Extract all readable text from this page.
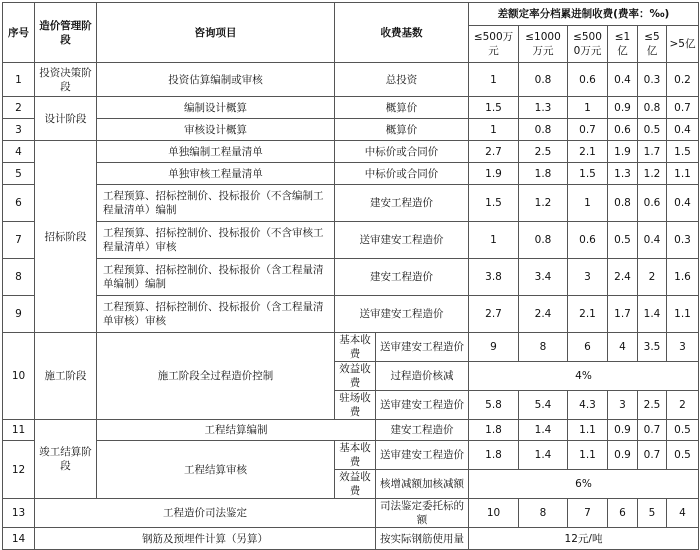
序号	造价管理阶段	咨询项目	收费基数		差额定率分档累进制收费(费率：‰)					
					≤500万元	≤1000万元	≤5000万元	≤1亿	≤5亿	>5亿
1	投资决策阶段	投资估算编制或审核	总投资		1	0.8	0.6	0.4	0.3	0.2
2	设计阶段	编制设计概算	概算价		1.5	1.3	1	0.9	0.8	0.7
3		审核设计概算	概算价		1	0.8	0.7	0.6	0.5	0.4
4	招标阶段	单独编制工程量清单	中标价或合同价		2.7	2.5	2.1	1.9	1.7	1.5
5		单独审核工程量清单	中标价或合同价		1.9	1.8	1.5	1.3	1.2	1.1
6		工程预算、招标控制价、投标报价（不含编制工程量清单）编制	建安工程造价		1.5	1.2	1	0.8	0.6	0.4
7		工程预算、招标控制价、投标报价（不含审核工程量清单）审核	送审建安工程造价		1	0.8	0.6	0.5	0.4	0.3
8		工程预算、招标控制价、投标报价（含工程量清单编制）编制	建安工程造价		3.8	3.4	3	2.4	2	1.6
9		工程预算、招标控制价、投标报价（含工程量清单审核）审核	送审建安工程造价		2.7	2.4	2.1	1.7	1.4	1.1
10	施工阶段	施工阶段全过程造价控制	基本收费	送审建安工程造价	9	8	6	4	3.5	3
			效益收费	过程造价核减	4%					
			驻场收费	送审建安工程造价	5.8	5.4	4.3	3	2.5	2
11	竣工结算阶段	工程结算编制		建安工程造价	1.8	1.4	1.1	0.9	0.7	0.5
12		工程结算审核	基本收费	送审建安工程造价	1.8	1.4	1.1	0.9	0.7	0.5
			效益收费	核增减额加核减额	6%					
13	工程造价司法鉴定			司法鉴定委托标的额	10	8	7	6	5	4
14	钢筋及预埋件计算（另算）			按实际钢筋使用量	12元/吨					
